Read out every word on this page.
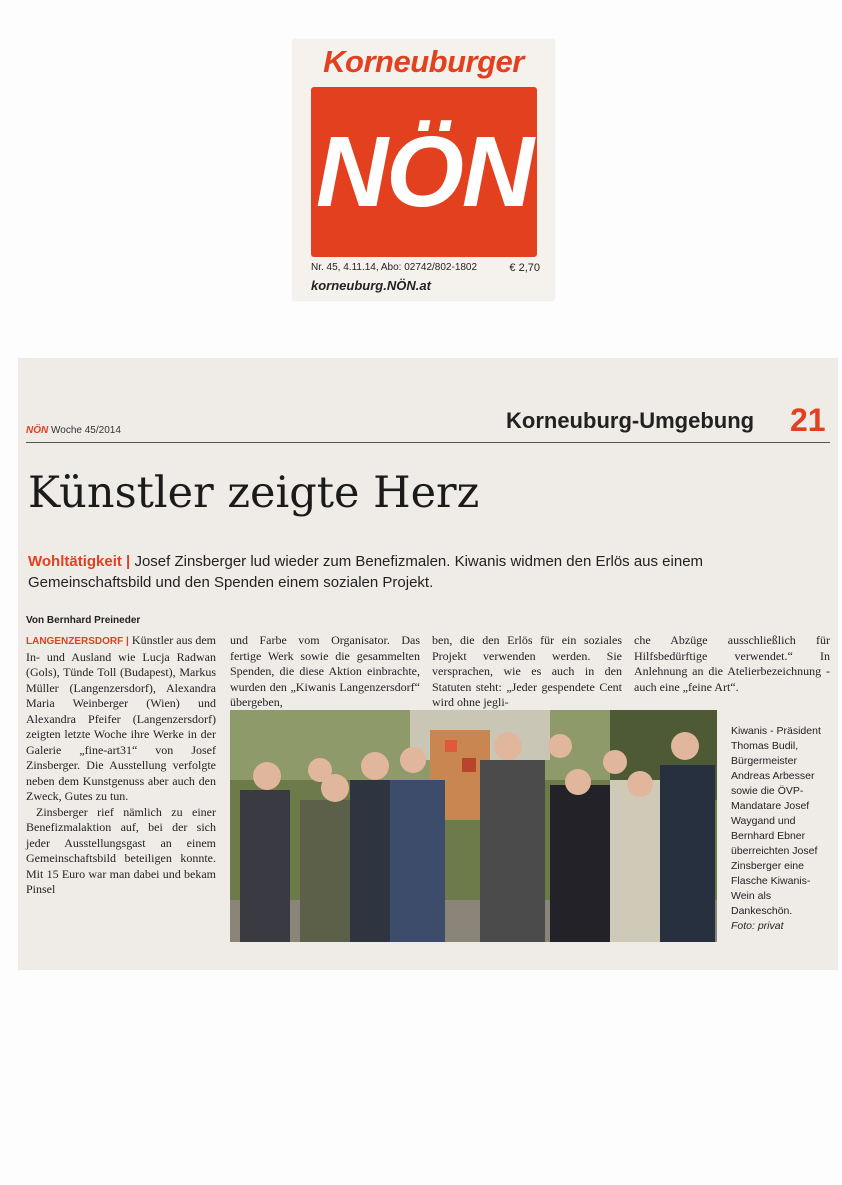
Korneuburger
NÖN
Nr. 45, 4.11.14, Abo: 02742/802-1802	€ 2,70
korneuburg.NÖN.at
NÖN Woche 45/2014	Korneuburg-Umgebung 21
Künstler zeigte Herz
Wohltätigkeit | Josef Zinsberger lud wieder zum Benefizmalen. Kiwanis widmen den Erlös aus einem Gemeinschaftsbild und den Spenden einem sozialen Projekt.
Von Bernhard Preineder

LANGENZERSDORF | Künstler aus dem In- und Ausland wie Lucja Radwan (Gols), Tünde Toll (Budapest), Markus Müller (Langenzersdorf), Alexandra Maria Weinberger (Wien) und Alexandra Pfeifer (Langenzersdorf) zeigten letzte Woche ihre Werke in der Galerie „fine-art31“ von Josef Zinsberger. Die Ausstellung verfolgte neben dem Kunstgenuss aber auch den Zweck, Gutes zu tun.

Zinsberger rief nämlich zu einer Benefizmalaktion auf, bei der sich jeder Ausstellungsgast an einem Gemeinschaftsbild beteiligen konnte. Mit 15 Euro war man dabei und bekam Pinsel

und Farbe vom Organisator. Das fertige Werk sowie die gesammelten Spenden, die diese Aktion einbrachte, wurden den „Kiwanis Langenzersdorf“ übergeben,
ben, die den Erlös für ein soziales Projekt verwenden werden. Sie versprachen, wie es auch in den Statuten steht: „Jeder gespendete Cent wird ohne jegli-
che Abzüge ausschließlich für Hilfsbedürftige verwendet.“ In Anlehnung an die Atelierbezeichnung - auch eine „feine Art“.
Kiwanis - Präsident Thomas Budil, Bürgermeister Andreas Arbesser sowie die ÖVP-Mandatare Josef Waygand und Bernhard Ebner überreichten Josef Zinsberger eine Flasche Kiwanis-Wein als Dankeschön.
Foto: privat
